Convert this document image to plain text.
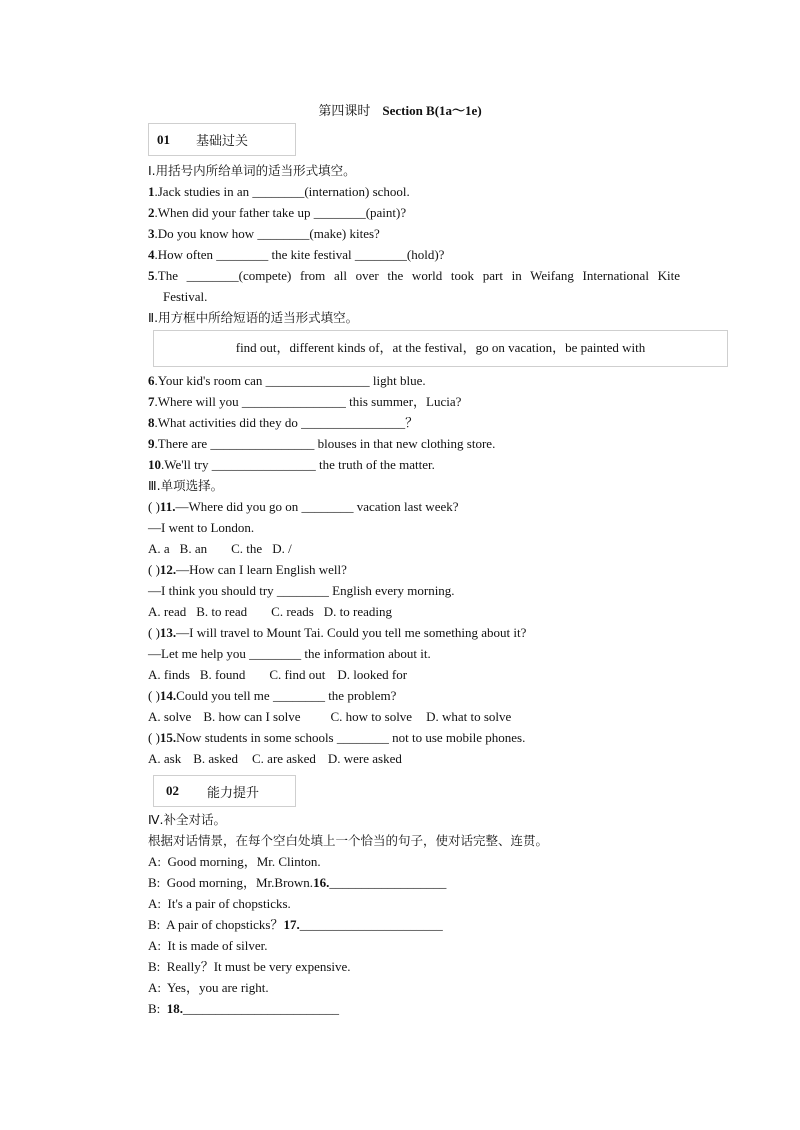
第四课时 Section B(1a～1e)
01 基础过关
Ⅰ.用括号内所给单词的适当形式填空。
1.Jack studies in an ________(internation) school.
2.When did your father take up ________(paint)?
3.Do you know how ________(make) kites?
4.How often ________ the kite festival ________(hold)?
5.The ________(compete) from all over the world took part in Weifang International Kite
Festival.
Ⅱ.用方框中所给短语的适当形式填空。
find out，different kinds of，at the festival，go on vacation，be painted with
6.Your kid's room can ________________ light blue.
7.Where will you ________________ this summer，Lucia?
8.What activities did they do ________________？
9.There are ________________ blouses in that new clothing store.
10.We'll try ________________ the truth of the matter.
Ⅲ.单项选择。
( )11.—Where did you go on ________ vacation last week?
—I went to London.
A. a B. an C. the D. /
( )12.—How can I learn English well?
—I think you should try ________ English every morning.
A. read B. to read C. reads D. to reading
( )13.—I will travel to Mount Tai. Could you tell me something about it?
—Let me help you ________ the information about it.
A. finds B. found C. find out D. looked for
( )14.Could you tell me ________ the problem?
A. solve B. how can I solve C. how to solve D. what to solve
( )15.Now students in some schools ________ not to use mobile phones.
A. ask B. asked C. are asked D. were asked
02 能力提升
Ⅳ.补全对话。
根据对话情景，在每个空白处填上一个恰当的句子，使对话完整、连贯。
A: Good morning，Mr. Clinton.
B: Good morning，Mr.Brown.16.__________________
A: It's a pair of chopsticks.
B: A pair of chopsticks？17.______________________
A: It is made of silver.
B: Really？It must be very expensive.
A: Yes，you are right.
B: 18.________________________
